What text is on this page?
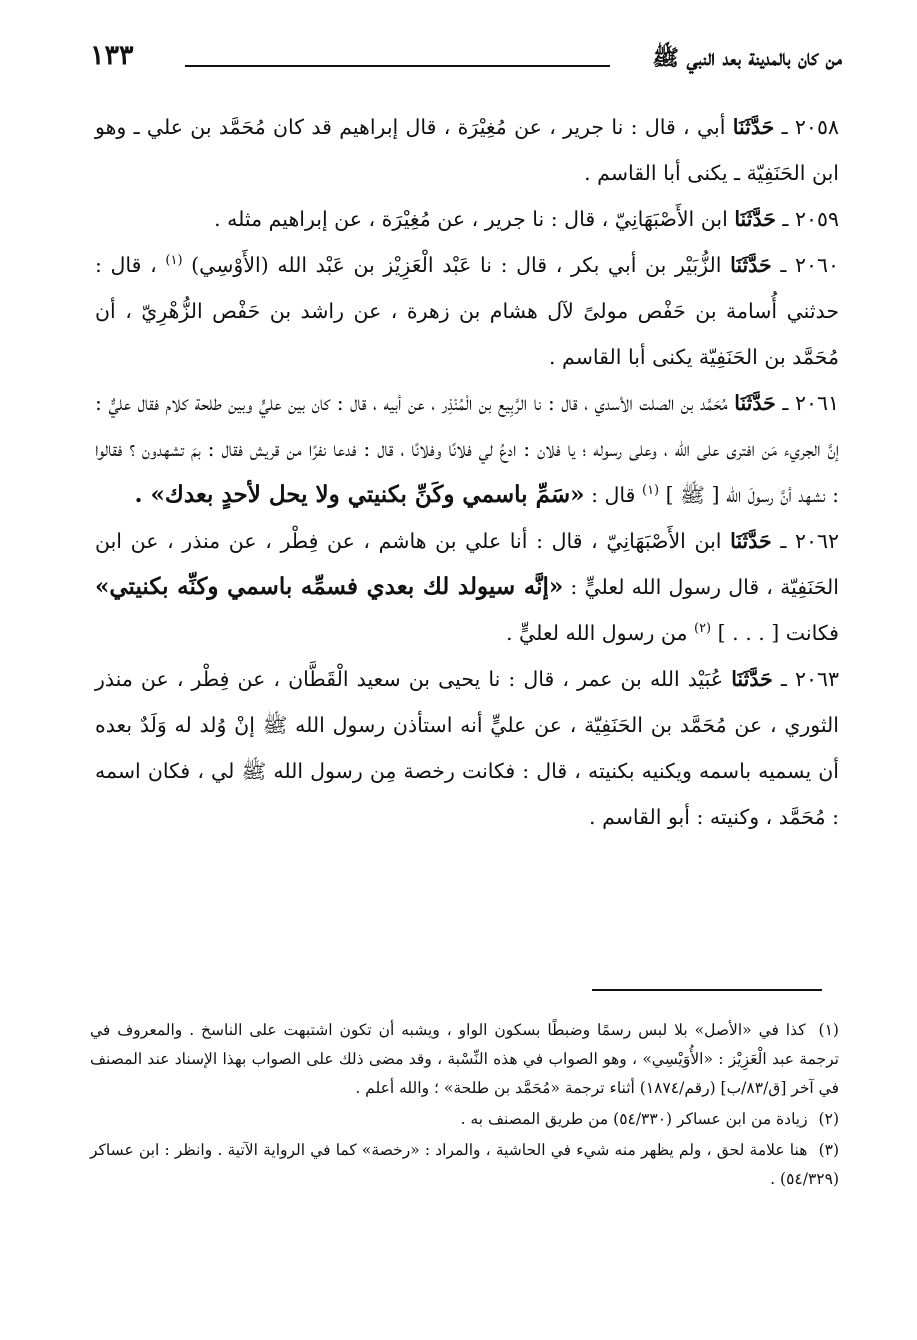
من كان بالمدينة بعد النبي ﷺ
١٣٣

٢٠٥٨ ـ حَدَّثَنَا أبي ، قال : نا جرير ، عن مُغِيْرَة ، قال إبراهيم قد كان مُحَمَّد بن علي ـ وهو ابن الحَنَفِيّة ـ يكنى أبا القاسم .

٢٠٥٩ ـ حَدَّثَنَا ابن الأَصْبَهَانِيّ ، قال : نا جرير ، عن مُغِيْرَة ، عن إبراهيم مثله .

٢٠٦٠ ـ حَدَّثَنَا الزُّبَيْر بن أبي بكر ، قال : نا عَبْد الْعَزِيْز بن عَبْد الله (الأَوْسِي) $^{(١)}$ ، قال : حدثني أُسامة بن حَفْص مولىً لآل هشام بن زهرة ، عن راشد بن حَفْص الزُّهْرِيّ ، أن مُحَمَّد بن الحَنَفِيّة يكنى أبا القاسم .

٢٠٦١ ـ حَدَّثَنَا مُحَمَّد بن الصلت الأسدي ، قال : نا الرَّبِيع بن الْمُنْذِر ، عن أبيه ، قال : كان بين عليٍّ وبين طلحة كلام فقال عليٌّ : إنَّ الجريء مَن افترى على الله ، وعلى رسوله ؛ يا فلان : ادعُ لي فلانًا وفلانًا ، قال : فدعا نفرًا من قريش فقال : بمَ تشهدون ؟ فقالوا : نشهد أنَّ رسولَ الله [ ﷺ ] $^{(١)}$ قال : «سَمِّ باسمي وكَنِّ بكنيتي ولا يحل لأحدٍ بعدك» .

٢٠٦٢ ـ حَدَّثَنَا ابن الأَصْبَهَانِيّ ، قال : أنا علي بن هاشم ، عن فِطْر ، عن منذر ، عن ابن الحَنَفِيّة ، قال رسول الله لعليٍّ : «إنَّه سيولد لك بعدي فسمِّه باسمي وكنِّه بكنيتي» فكانت [ . . . ] $^{(٢)}$ من رسول الله لعليٍّ .

٢٠٦٣ ـ حَدَّثَنَا عُبَيْد الله بن عمر ، قال : نا يحيى بن سعيد الْقَطَّان ، عن فِطْر ، عن منذر الثوري ، عن مُحَمَّد بن الحَنَفِيّة ، عن عليٍّ أنه استأذن رسول الله ﷺ إنْ وُلد له وَلَدٌ بعده أن يسميه باسمه ويكنيه بكنيته ، قال : فكانت رخصة مِن رسول الله ﷺ لي ، فكان اسمه : مُحَمَّد ، وكنيته : أبو القاسم .

(١) كذا في «الأصل» بلا لبس رسمًا وضبطًا بسكون الواو ، ويشبه أن تكون اشتبهت على الناسخ . والمعروف في ترجمة عبد الْعَزِيْز : «الأُوَيْسِي» ، وهو الصواب في هذه النِّسْبة ، وقد مضى ذلك على الصواب بهذا الإسناد عند المصنف في آخر [ق/٨٣/ب] (رقم/١٨٧٤) أثناء ترجمة «مُحَمَّد بن طلحة» ؛ والله أعلم .

(٢) زيادة من ابن عساكر (٥٤/٣٣٠) من طريق المصنف به .

(٣) هنا علامة لحق ، ولم يظهر منه شيء في الحاشية ، والمراد : «رخصة» كما في الرواية الآتية . وانظر : ابن عساكر (٥٤/٣٢٩) .
